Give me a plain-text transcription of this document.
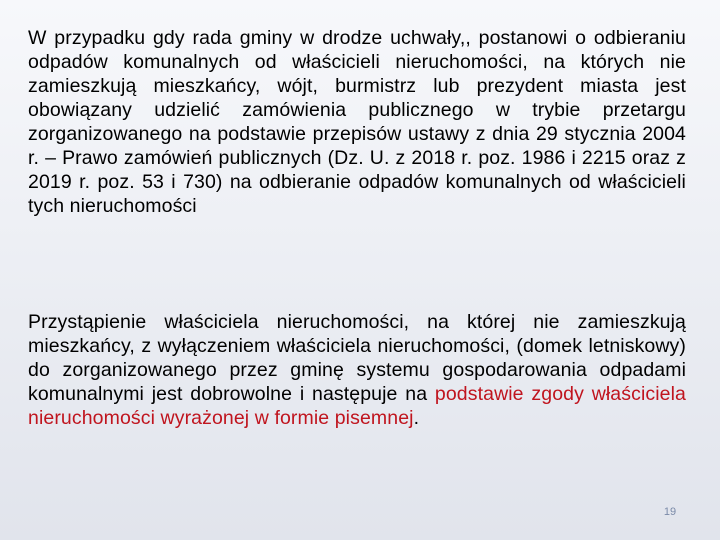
W przypadku gdy rada gminy w drodze uchwały,, postanowi o odbieraniu odpadów komunalnych od właścicieli nieruchomości, na których nie zamieszkują mieszkańcy, wójt, burmistrz lub prezydent miasta jest obowiązany udzielić zamówienia publicznego w trybie przetargu zorganizowanego na podstawie przepisów ustawy z dnia 29 stycznia 2004 r. – Prawo zamówień publicznych (Dz. U. z 2018 r. poz. 1986 i 2215 oraz z 2019 r. poz. 53 i 730) na odbieranie odpadów komunalnych od właścicieli tych nieruchomości
Przystąpienie właściciela nieruchomości, na której nie zamieszkują mieszkańcy, z wyłączeniem właściciela nieruchomości, (domek letniskowy) do zorganizowanego przez gminę systemu gospodarowania odpadami komunalnymi jest dobrowolne i następuje na podstawie zgody właściciela nieruchomości wyrażonej w formie pisemnej.
19
